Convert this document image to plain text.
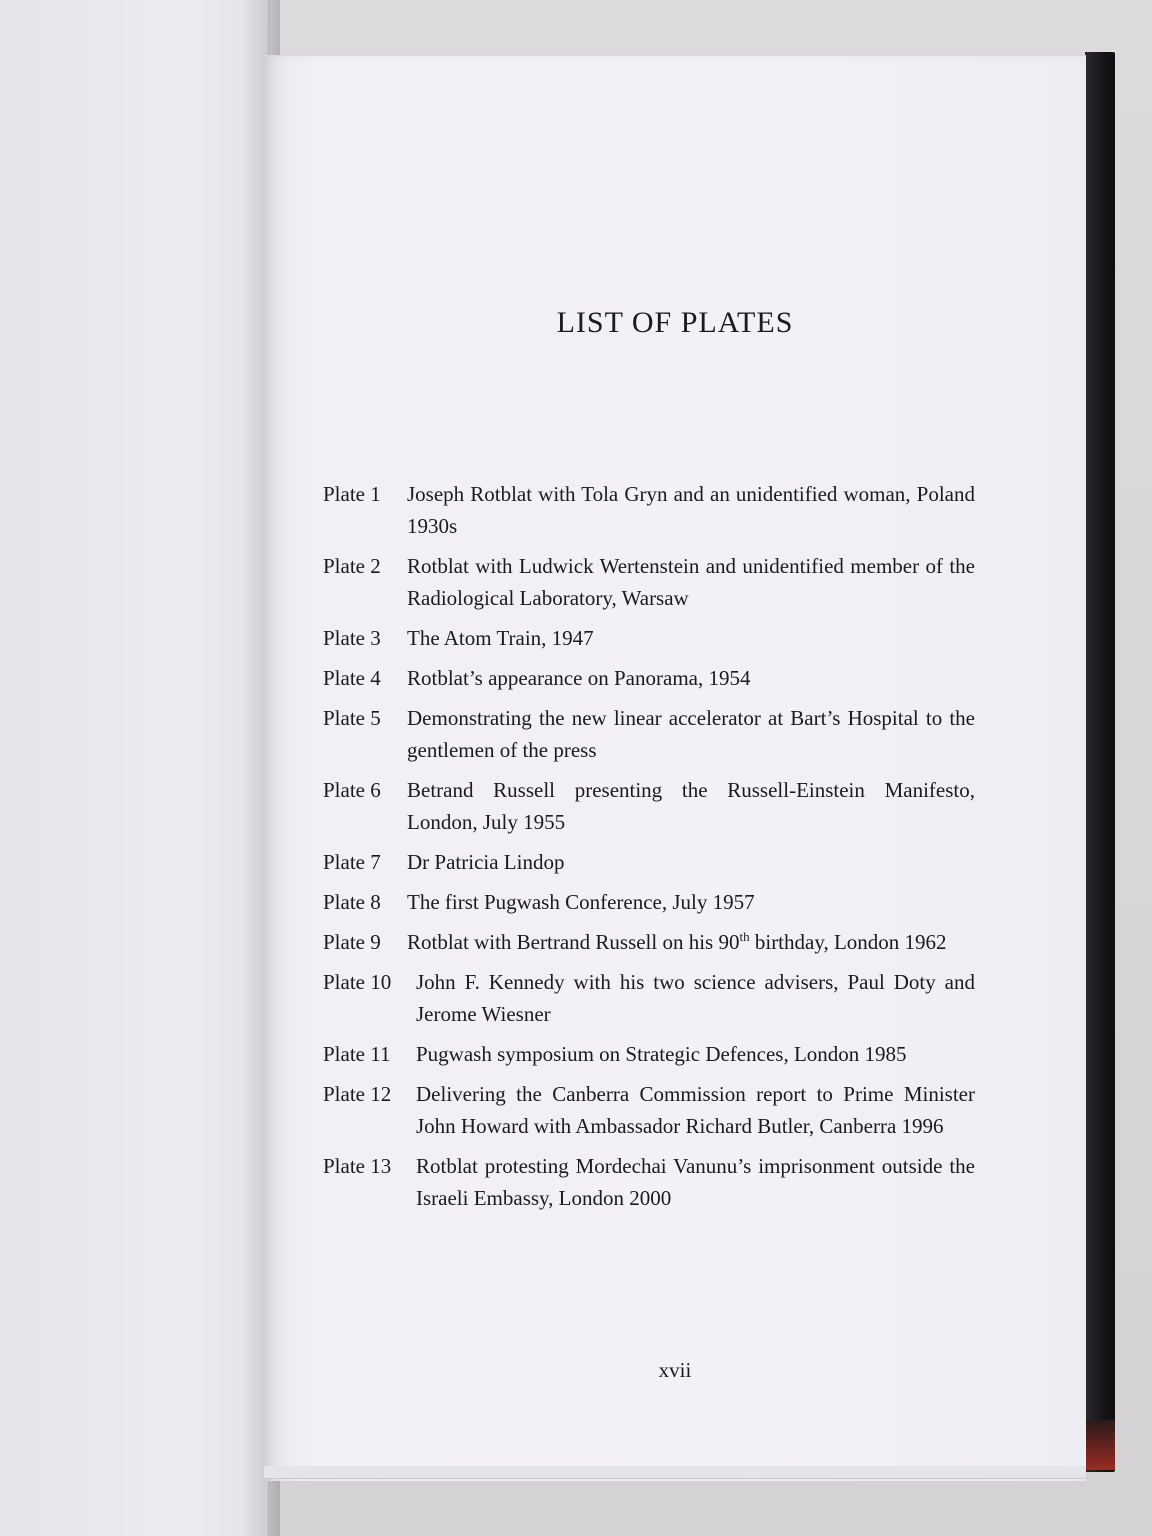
LIST OF PLATES
Plate 1	Joseph Rotblat with Tola Gryn and an unidentified woman, Poland 1930s
Plate 2	Rotblat with Ludwick Wertenstein and unidentified member of the Radiological Laboratory, Warsaw
Plate 3	The Atom Train, 1947
Plate 4	Rotblat’s appearance on Panorama, 1954
Plate 5	Demonstrating the new linear accelerator at Bart’s Hospital to the gentlemen of the press
Plate 6	Betrand Russell presenting the Russell-Einstein Manifesto, London, July 1955
Plate 7	Dr Patricia Lindop
Plate 8	The first Pugwash Conference, July 1957
Plate 9	Rotblat with Bertrand Russell on his 90th birthday, London 1962
Plate 10	John F. Kennedy with his two science advisers, Paul Doty and Jerome Wiesner
Plate 11	Pugwash symposium on Strategic Defences, London 1985
Plate 12	Delivering the Canberra Commission report to Prime Minister John Howard with Ambassador Richard Butler, Canberra 1996
Plate 13	Rotblat protesting Mordechai Vanunu’s imprisonment outside the Israeli Embassy, London 2000
xvii
